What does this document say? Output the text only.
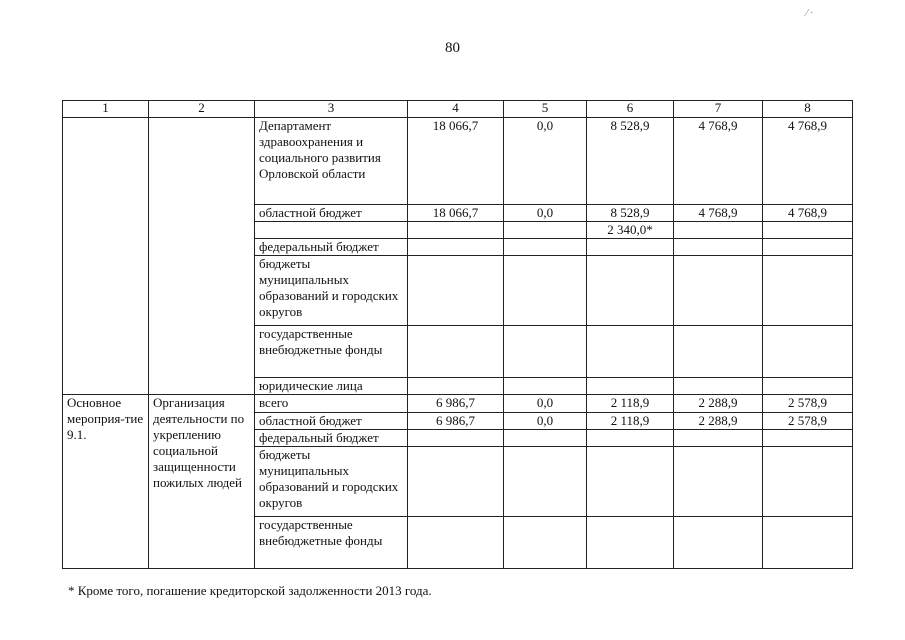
⁄ ·
80
1	2	3	4	5	6	7	8
		Департамент здравоохранения и социального развития Орловской области	18 066,7	0,0	8 528,9	4 768,9	4 768,9
		областной бюджет	18 066,7	0,0	8 528,9	4 768,9	4 768,9
					2 340,0*		
		федеральный бюджет					
		бюджеты муниципальных образований и городских округов					
		государственные внебюджетные фонды					
		юридические лица					
Основное мероприя-тие 9.1.	Организация деятельности по укреплению социальной защищенности пожилых людей	всего	6 986,7	0,0	2 118,9	2 288,9	2 578,9
		областной бюджет	6 986,7	0,0	2 118,9	2 288,9	2 578,9
		федеральный бюджет					
		бюджеты муниципальных образований и городских округов					
		государственные внебюджетные фонды					
* Кроме того, погашение кредиторской задолженности 2013 года.
